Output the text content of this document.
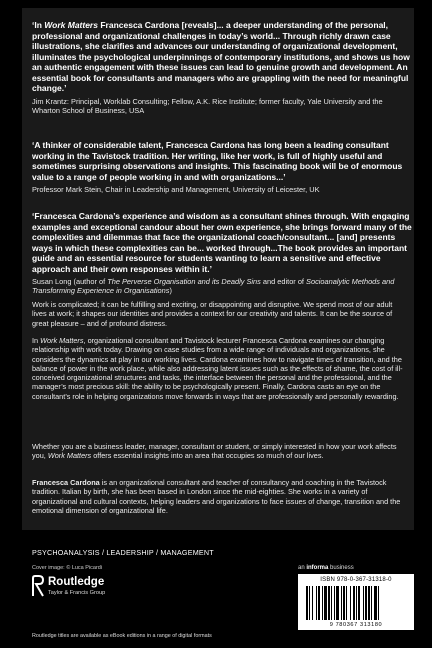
‘In Work Matters Francesca Cardona [reveals]... a deeper understanding of the personal, professional and organizational challenges in today’s world... Through richly drawn case illustrations, she clarifies and advances our understanding of organizational development, illuminates the psychological underpinnings of contemporary institutions, and shows us how an authentic engagement with these issues can lead to genuine growth and development. An essential book for consultants and managers who are grappling with the need for meaningful change.’

Jim Krantz: Principal, Worklab Consulting; Fellow, A.K. Rice Institute; former faculty, Yale University and the Wharton School of Business, USA

‘A thinker of considerable talent, Francesca Cardona has long been a leading consultant working in the Tavistock tradition. Her writing, like her work, is full of highly useful and sometimes surprising observations and insights. This fascinating book will be of enormous value to a range of people working in and with organizations...’

Professor Mark Stein, Chair in Leadership and Management, University of Leicester, UK

‘Francesca Cardona’s experience and wisdom as a consultant shines through. With engaging examples and exceptional candour about her own experience, she brings forward many of the complexities and dilemmas that face the organizational coach/consultant... [and] presents ways in which these complexities can be... worked through...The book provides an important guide and an essential resource for students wanting to learn a sensitive and effective approach and their own responses within it.’

Susan Long (author of The Perverse Organisation and its Deadly Sins and editor of Socioanalytic Methods and Transforming Experience in Organisations)

Work is complicated; it can be fulfilling and exciting, or disappointing and disruptive. We spend most of our adult lives at work; it shapes our identities and provides a context for our creativity and talents. It can be the source of great pleasure – and of profound distress.

In Work Matters, organizational consultant and Tavistock lecturer Francesca Cardona examines our changing relationship with work today. Drawing on case studies from a wide range of individuals and organizations, she considers the dynamics at play in our working lives. Cardona examines how to navigate times of transition, and the balance of power in the work place, while also addressing latent issues such as the effects of shame, the cost of ill-conceived organizational structures and tasks, the interface between the personal and the professional, and the manager’s most precious skill: the ability to be psychologically present. Finally, Cardona casts an eye on the consultant’s role in helping organizations move forwards in ways that are professionally and personally rewarding.

Whether you are a business leader, manager, consultant or student, or simply interested in how your work affects you, Work Matters offers essential insights into an area that occupies so much of our lives.

Francesca Cardona is an organizational consultant and teacher of consultancy and coaching in the Tavistock tradition. Italian by birth, she has been based in London since the mid-eighties. She works in a variety of organizational and cultural contexts, helping leaders and organizations to face issues of change, transition and the emotional dimension of organizational life.

PSYCHOANALYSIS / LEADERSHIP / MANAGEMENT
Cover image: © Luca Picardi
Routledge
Taylor & Francis Group
an informa business
ISBN 978-0-367-31318-0
9 780367 313180
Routledge titles are available as eBook editions in a range of digital formats
